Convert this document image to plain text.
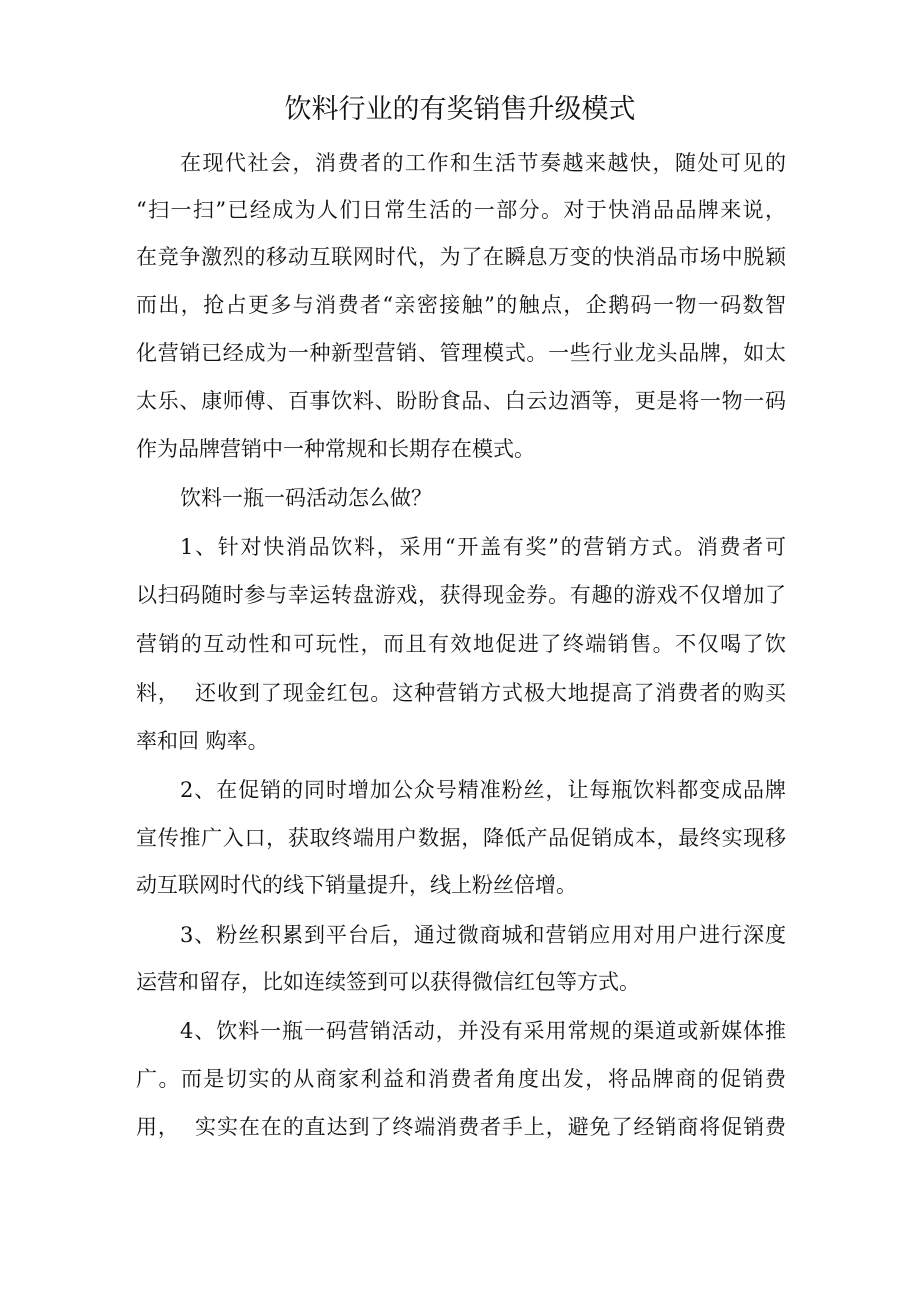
饮料行业的有奖销售升级模式

在现代社会，消费者的工作和生活节奏越来越快，随处可见的

“扫一扫”已经成为人们日常生活的一部分。对于快消品品牌来说，

在竞争激烈的移动互联网时代，为了在瞬息万变的快消品市场中脱颖

而出，抢占更多与消费者“亲密接触”的触点，企鹅码一物一码数智

化营销已经成为一种新型营销、管理模式。一些行业龙头品牌，如太

太乐、康师傅、百事饮料、盼盼食品、白云边酒等，更是将一物一码

作为品牌营销中一种常规和长期存在模式。

饮料一瓶一码活动怎么做？

1、针对快消品饮料，采用“开盖有奖”的营销方式。消费者可

以扫码随时参与幸运转盘游戏，获得现金券。有趣的游戏不仅增加了

营销的互动性和可玩性，而且有效地促进了终端销售。不仅喝了饮

料，  还收到了现金红包。这种营销方式极大地提高了消费者的购买

率和回 购率。

2、在促销的同时增加公众号精准粉丝，让每瓶饮料都变成品牌

宣传推广入口，获取终端用户数据，降低产品促销成本，最终实现移

动互联网时代的线下销量提升，线上粉丝倍增。

3、粉丝积累到平台后，通过微商城和营销应用对用户进行深度

运营和留存，比如连续签到可以获得微信红包等方式。

4、饮料一瓶一码营销活动，并没有采用常规的渠道或新媒体推

广。而是切实的从商家利益和消费者角度出发，将品牌商的促销费

用，  实实在在的直达到了终端消费者手上，避免了经销商将促销费
